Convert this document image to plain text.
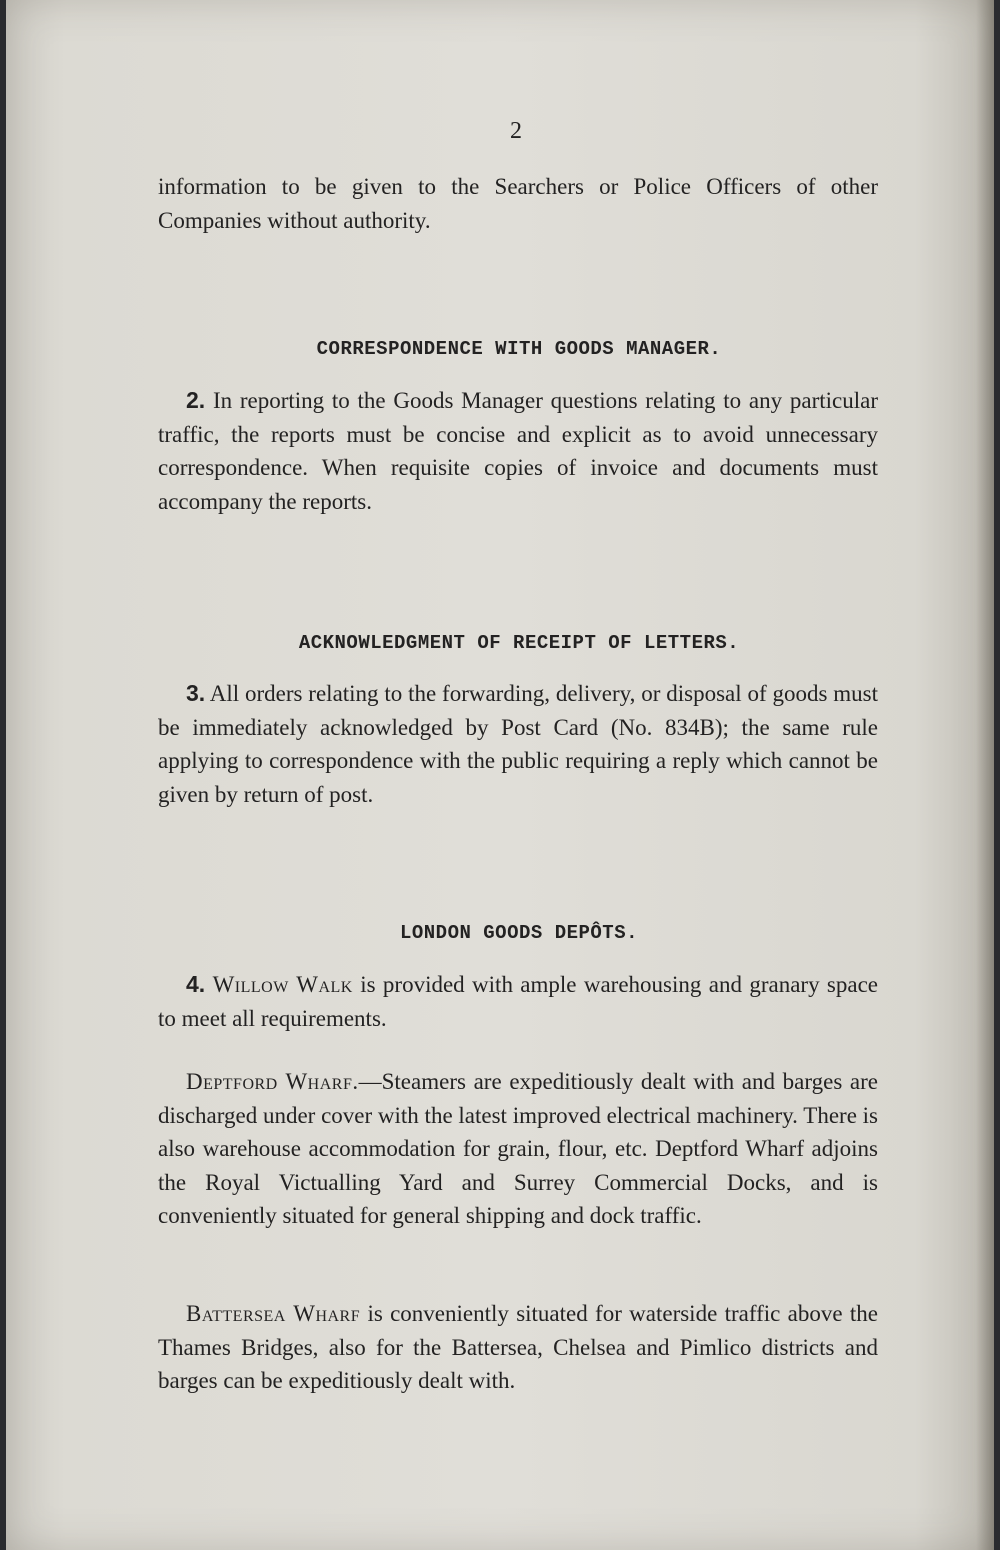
2

information to be given to the Searchers or Police Officers of other Companies without authority.

CORRESPONDENCE WITH GOODS MANAGER.

2. In reporting to the Goods Manager questions relating to any particular traffic, the reports must be concise and explicit as to avoid unnecessary correspondence. When requisite copies of invoice and documents must accompany the reports.

ACKNOWLEDGMENT OF RECEIPT OF LETTERS.

3. All orders relating to the forwarding, delivery, or disposal of goods must be immediately acknowledged by Post Card (No. 834B); the same rule applying to correspondence with the public requiring a reply which cannot be given by return of post.

LONDON GOODS DEPÔTS.

4. Willow Walk is provided with ample warehousing and granary space to meet all requirements.

Deptford Wharf.—Steamers are expeditiously dealt with and barges are discharged under cover with the latest improved electrical machinery. There is also warehouse accommodation for grain, flour, etc. Deptford Wharf adjoins the Royal Victualling Yard and Surrey Commercial Docks, and is conveniently situated for general shipping and dock traffic.

Battersea Wharf is conveniently situated for waterside traffic above the Thames Bridges, also for the Battersea, Chelsea and Pimlico districts and barges can be expeditiously dealt with.
